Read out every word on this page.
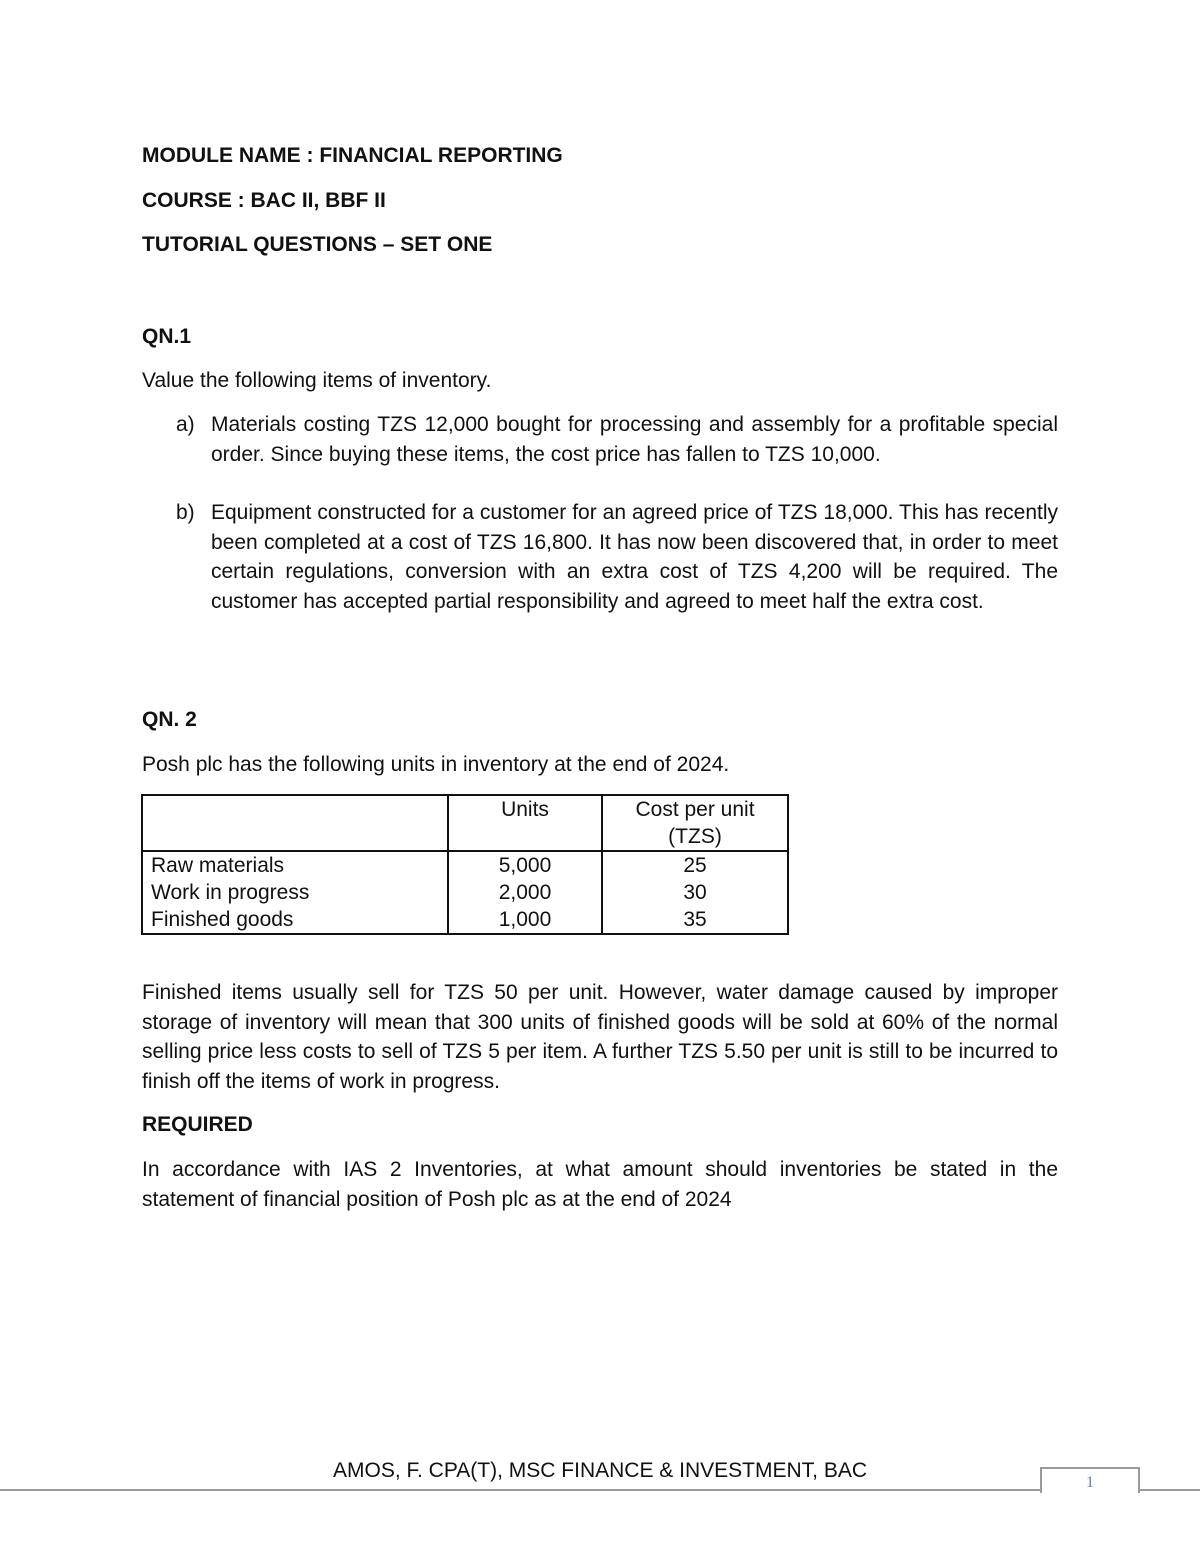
MODULE NAME : FINANCIAL REPORTING
COURSE : BAC II, BBF II
TUTORIAL QUESTIONS – SET ONE
QN.1
Value the following items of inventory.
a) Materials costing TZS 12,000 bought for processing and assembly for a profitable special order. Since buying these items, the cost price has fallen to TZS 10,000.
b) Equipment constructed for a customer for an agreed price of TZS 18,000. This has recently been completed at a cost of TZS 16,800. It has now been discovered that, in order to meet certain regulations, conversion with an extra cost of TZS 4,200 will be required. The customer has accepted partial responsibility and agreed to meet half the extra cost.
QN. 2
Posh plc has the following units in inventory at the end of 2024.
	Units	Cost per unit (TZS)
Raw materials	5,000	25
Work in progress	2,000	30
Finished goods	1,000	35
Finished items usually sell for TZS 50 per unit. However, water damage caused by improper storage of inventory will mean that 300 units of finished goods will be sold at 60% of the normal selling price less costs to sell of TZS 5 per item. A further TZS 5.50 per unit is still to be incurred to finish off the items of work in progress.
REQUIRED
In accordance with IAS 2 Inventories, at what amount should inventories be stated in the statement of financial position of Posh plc as at the end of 2024
AMOS, F. CPA(T), MSC FINANCE & INVESTMENT, BAC
1
